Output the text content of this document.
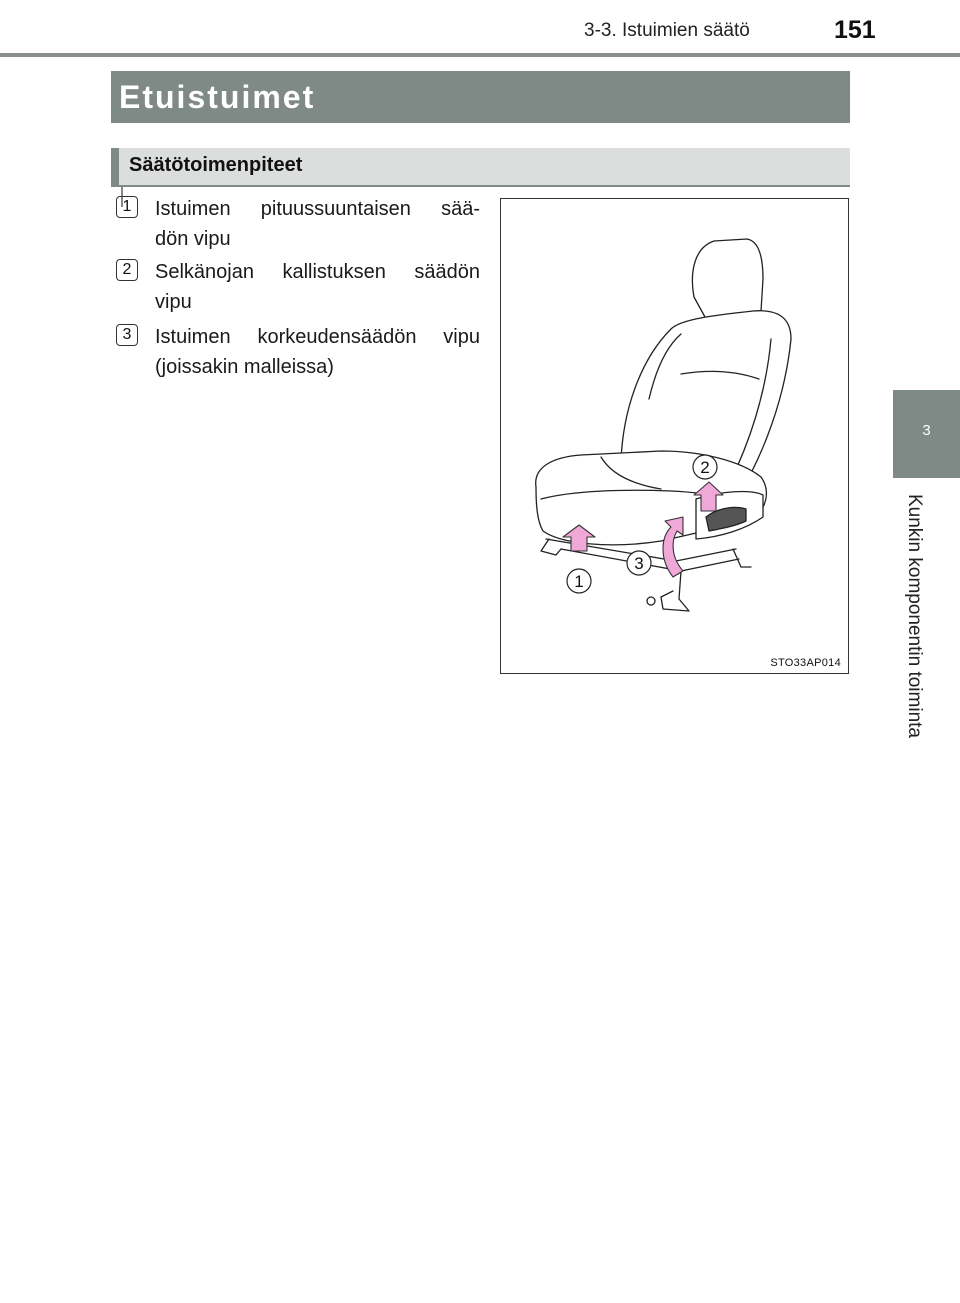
3-3. Istuimien säätö	151
Etuistuimet
Säätötoimenpiteet
1	Istuimen pituussuuntaisen sää-
dön vipu
2	Selkänojan kallistuksen säädön
vipu
3	Istuimen korkeudensäädön vipu
(joissakin malleissa)
1
2
3
STO33AP014
3
Kunkin komponentin toiminta
